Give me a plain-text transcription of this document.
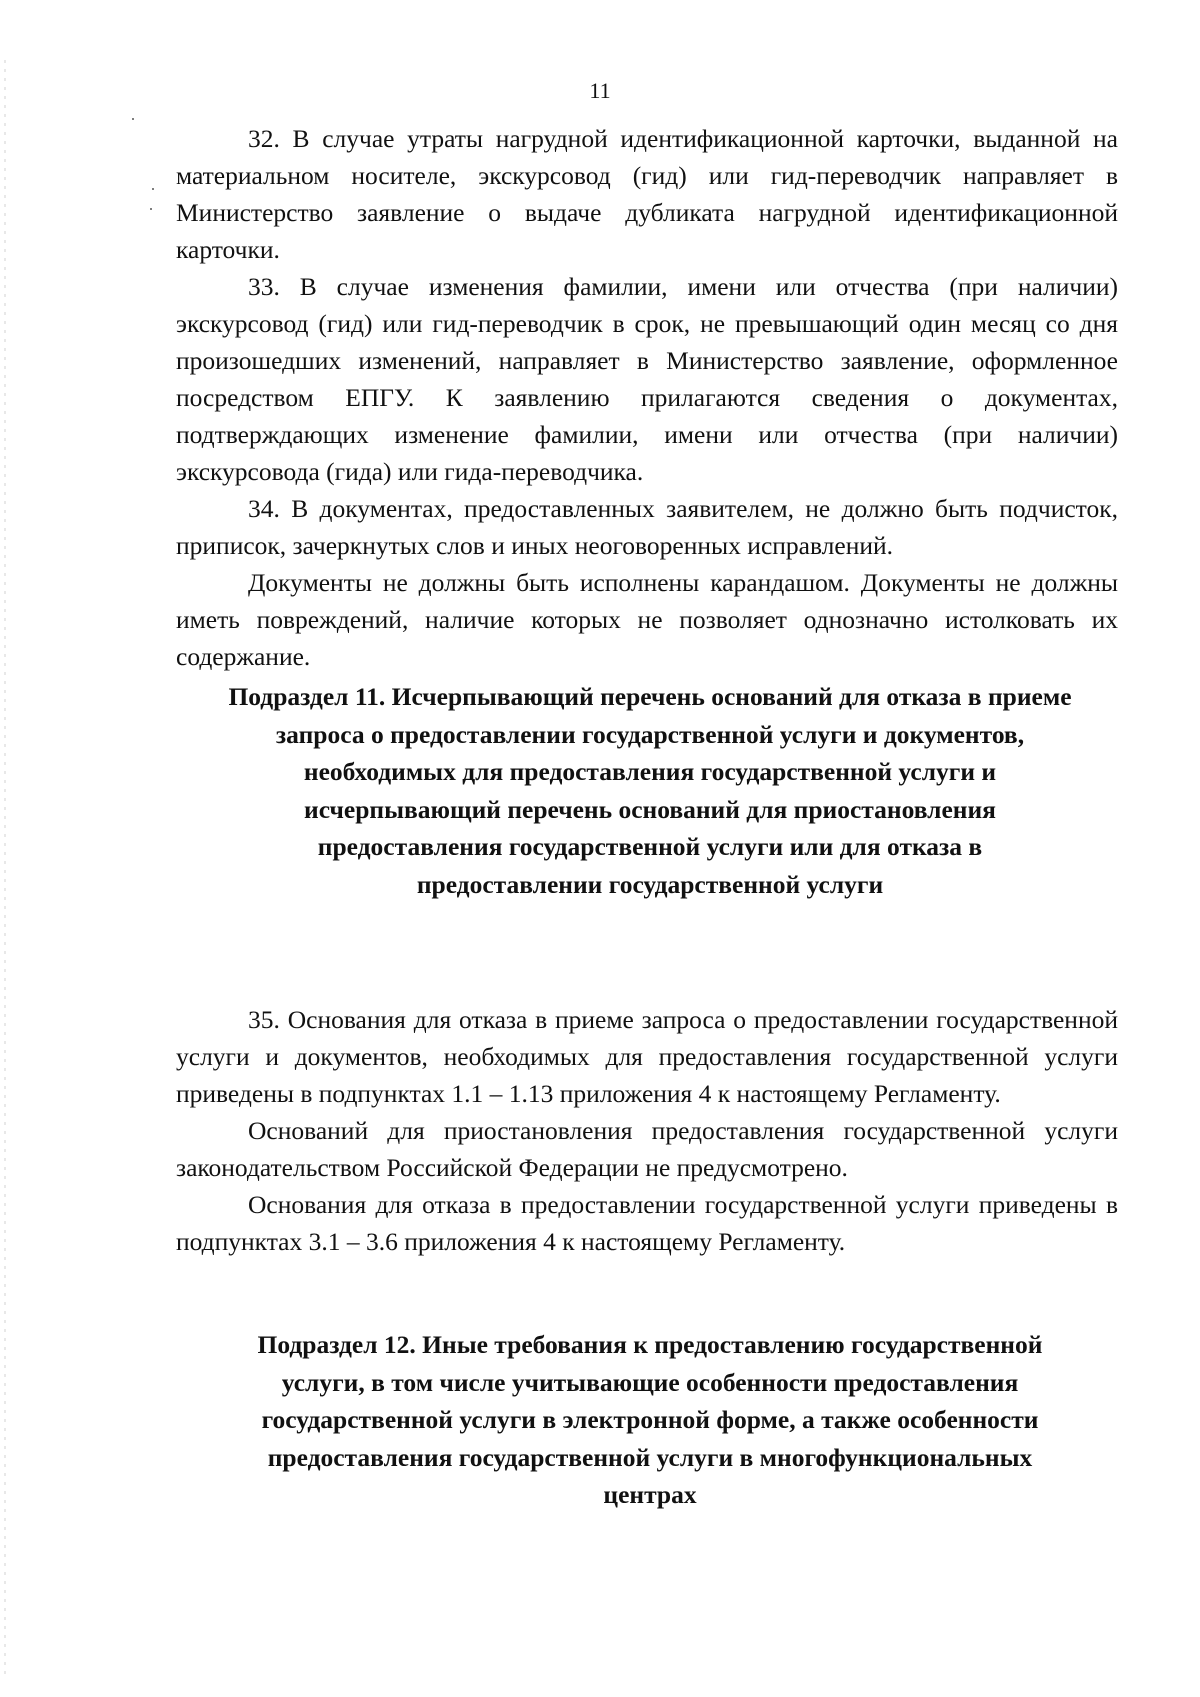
11

32. В случае утраты нагрудной идентификационной карточки, выданной на материальном носителе, экскурсовод (гид) или гид-переводчик направляет в Министерство заявление о выдаче дубликата нагрудной идентификационной карточки.

33. В случае изменения фамилии, имени или отчества (при наличии) экскурсовод (гид) или гид-переводчик в срок, не превышающий один месяц со дня произошедших изменений, направляет в Министерство заявление, оформленное посредством ЕПГУ. К заявлению прилагаются сведения о документах, подтверждающих изменение фамилии, имени или отчества (при наличии) экскурсовода (гида) или гида-переводчика.

34. В документах, предоставленных заявителем, не должно быть подчисток, приписок, зачеркнутых слов и иных неоговоренных исправлений.

Документы не должны быть исполнены карандашом. Документы не должны иметь повреждений, наличие которых не позволяет однозначно истолковать их содержание.

Подраздел 11. Исчерпывающий перечень оснований для отказа в приеме
запроса о предоставлении государственной услуги и документов,
необходимых для предоставления государственной услуги и
исчерпывающий перечень оснований для приостановления
предоставления государственной услуги или для отказа в
предоставлении государственной услуги

35. Основания для отказа в приеме запроса о предоставлении государственной услуги и документов, необходимых для предоставления государственной услуги приведены в подпунктах 1.1 – 1.13 приложения 4 к настоящему Регламенту.

Оснований для приостановления предоставления государственной услуги законодательством Российской Федерации не предусмотрено.

Основания для отказа в предоставлении государственной услуги приведены в подпунктах 3.1 – 3.6 приложения 4 к настоящему Регламенту.

Подраздел 12. Иные требования к предоставлению государственной
услуги, в том числе учитывающие особенности предоставления
государственной услуги в электронной форме, а также особенности
предоставления государственной услуги в многофункциональных
центрах
